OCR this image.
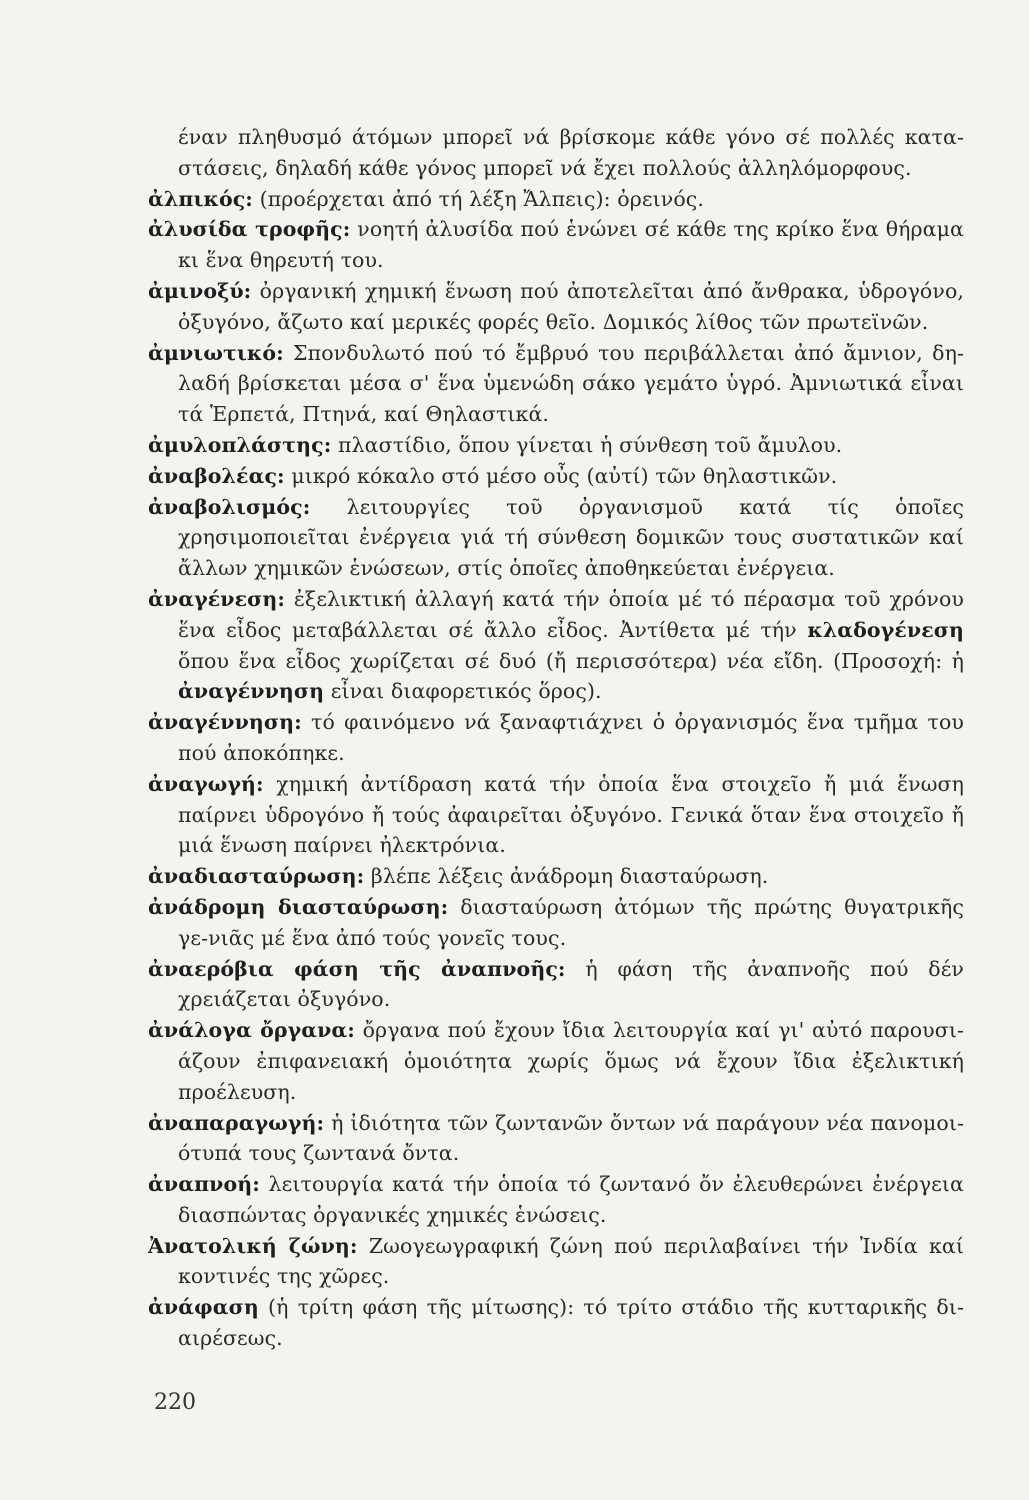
έναν πληθυσμό άτόμων μπορεῖ νά βρίσκομε κάθε γόνο σέ πολλές κατα-στάσεις, δηλαδή κάθε γόνος μπορεῖ νά ἔχει πολλούς ἀλληλόμορφους.

ἀλπικός: (προέρχεται ἀπό τή λέξη Ἄλπεις): ὀρεινός.

ἀλυσίδα τροφῆς: νοητή ἀλυσίδα πού ἑνώνει σέ κάθε της κρίκο ἕνα θήραμα κι ἕνα θηρευτή του.

ἀμινοξύ: ὀργανική χημική ἕνωση πού ἀποτελεῖται ἀπό ἄνθρακα, ὑδρογόνο, ὀξυγόνο, ἄζωτο καί μερικές φορές θεῖο. Δομικός λίθος τῶν πρωτεϊνῶν.

ἀμνιωτικό: Σπονδυλωτό πού τό ἔμβρυό του περιβάλλεται ἀπό ἄμνιον, δη-λαδή βρίσκεται μέσα σ' ἕνα ὑμενώδη σάκο γεμάτο ὑγρό. Ἀμνιωτικά εἶναι τά Ἑρπετά, Πτηνά, καί Θηλαστικά.

ἀμυλοπλάστης: πλαστίδιο, ὅπου γίνεται ἡ σύνθεση τοῦ ἄμυλου.

ἀναβολέας: μικρό κόκαλο στό μέσο οὖς (αὐτί) τῶν θηλαστικῶν.

ἀναβολισμός: λειτουργίες τοῦ ὀργανισμοῦ κατά τίς ὁποῖες χρησιμοποιεῖται ἐνέργεια γιά τή σύνθεση δομικῶν τους συστατικῶν καί ἄλλων χημικῶν ἑνώσεων, στίς ὁποῖες ἀποθηκεύεται ἐνέργεια.

ἀναγένεση: ἐξελικτική ἀλλαγή κατά τήν ὁποία μέ τό πέρασμα τοῦ χρόνου ἕνα εἶδος μεταβάλλεται σέ ἄλλο εἶδος. Ἀντίθετα μέ τήν κλαδογένεση ὅπου ἕνα εἶδος χωρίζεται σέ δυό (ἤ περισσότερα) νέα εἴδη. (Προσοχή: ἡ ἀναγέννηση εἶναι διαφορετικός ὅρος).

ἀναγέννηση: τό φαινόμενο νά ξαναφτιάχνει ὁ ὀργανισμός ἕνα τμῆμα του πού ἀποκόπηκε.

ἀναγωγή: χημική ἀντίδραση κατά τήν ὁποία ἕνα στοιχεῖο ἤ μιά ἕνωση παίρνει ὑδρογόνο ἤ τούς ἀφαιρεῖται ὀξυγόνο. Γενικά ὅταν ἕνα στοιχεῖο ἤ μιά ἕνωση παίρνει ἠλεκτρόνια.

ἀναδιασταύρωση: βλέπε λέξεις ἀνάδρομη διασταύρωση.

ἀνάδρομη διασταύρωση: διασταύρωση ἀτόμων τῆς πρώτης θυγατρικῆς γε-νιᾶς μέ ἕνα ἀπό τούς γονεῖς τους.

ἀναερόβια φάση τῆς ἀναπνοῆς: ἡ φάση τῆς ἀναπνοῆς πού δέν χρειάζεται ὀξυγόνο.

ἀνάλογα ὄργανα: ὄργανα πού ἔχουν ἴδια λειτουργία καί γι' αὐτό παρουσι-άζουν ἐπιφανειακή ὁμοιότητα χωρίς ὅμως νά ἔχουν ἴδια ἐξελικτική προέλευση.

ἀναπαραγωγή: ἡ ἰδιότητα τῶν ζωντανῶν ὄντων νά παράγουν νέα πανομοι-ότυπά τους ζωντανά ὄντα.

ἀναπνοή: λειτουργία κατά τήν ὁποία τό ζωντανό ὄν ἐλευθερώνει ἐνέργεια διασπώντας ὀργανικές χημικές ἑνώσεις.

Ἀνατολική ζώνη: Ζωογεωγραφική ζώνη πού περιλαβαίνει τήν Ἰνδία καί κοντινές της χῶρες.

ἀνάφαση (ἡ τρίτη φάση τῆς μίτωσης): τό τρίτο στάδιο τῆς κυτταρικῆς δι-αιρέσεως.

220
